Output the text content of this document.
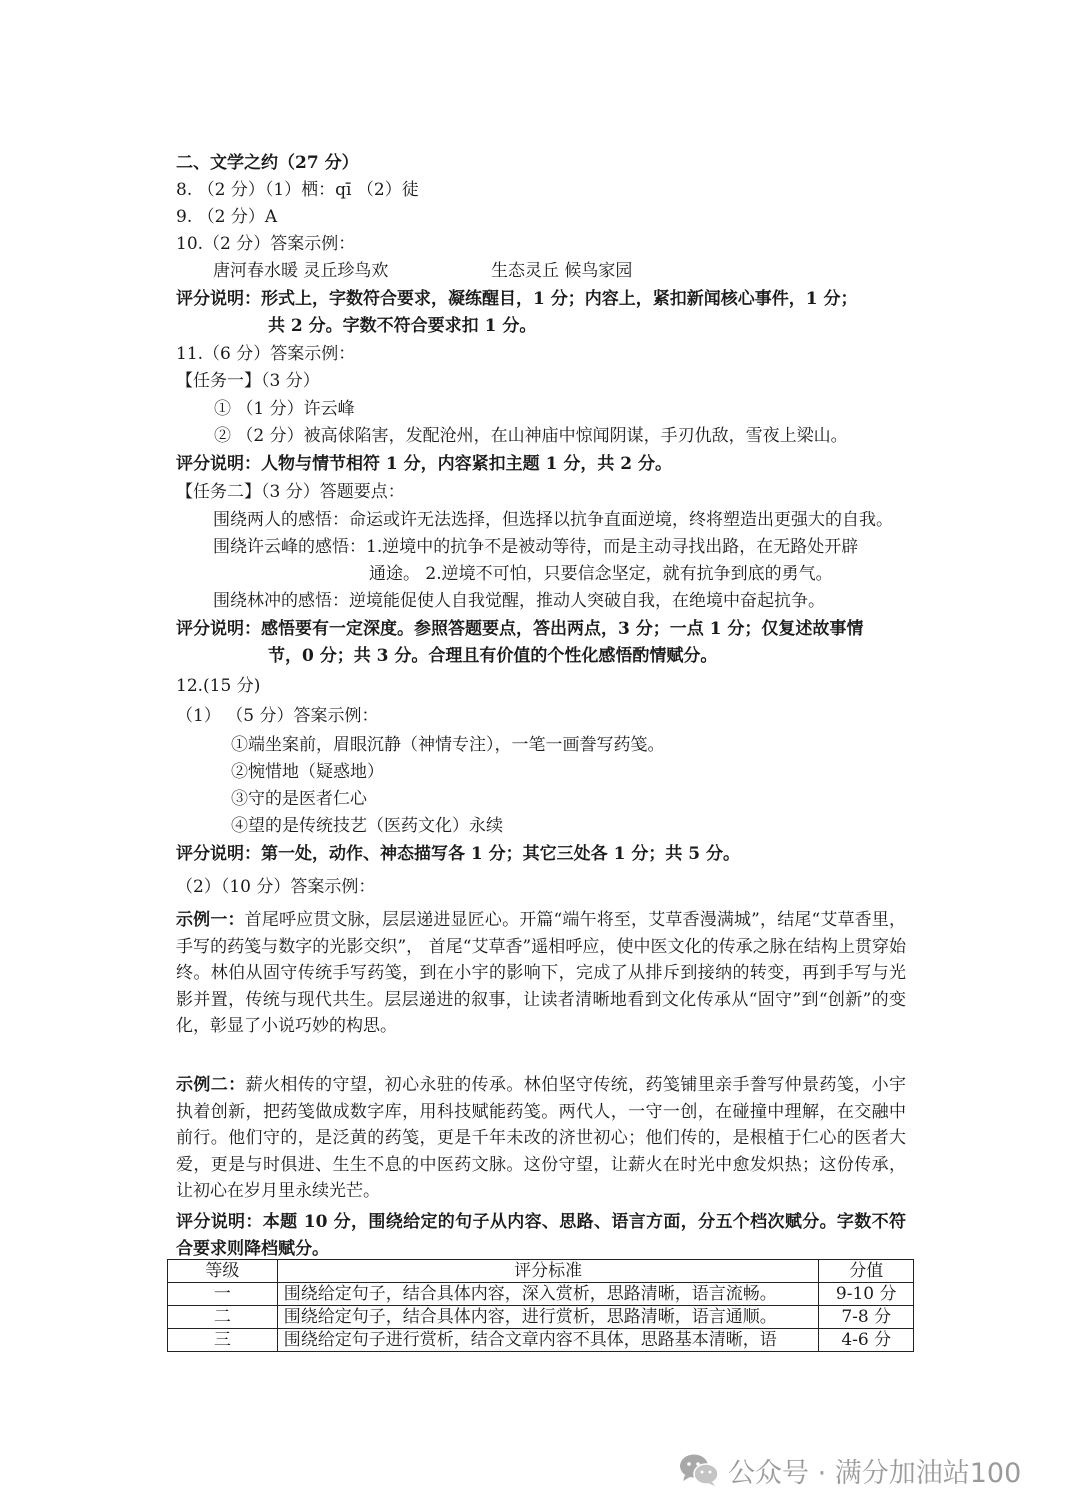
二、文学之约（27 分）
8. （2 分）（1）栖：qī （2）徒
9. （2 分）A
10.（2 分）答案示例：
唐河春水暖 灵丘珍鸟欢	生态灵丘 候鸟家园
评分说明：形式上，字数符合要求，凝练醒目，1 分；内容上，紧扣新闻核心事件，1 分；
共 2 分。字数不符合要求扣 1 分。
11.（6 分）答案示例：
【任务一】（3 分）
① （1 分）许云峰
② （2 分）被高俅陷害，发配沧州，在山神庙中惊闻阴谋，手刃仇敌，雪夜上梁山。
评分说明：人物与情节相符 1 分，内容紧扣主题 1 分，共 2 分。
【任务二】（3 分）答题要点：
围绕两人的感悟：命运或许无法选择，但选择以抗争直面逆境，终将塑造出更强大的自我。
围绕许云峰的感悟：1.逆境中的抗争不是被动等待，而是主动寻找出路，在无路处开辟
通途。 2.逆境不可怕，只要信念坚定，就有抗争到底的勇气。
围绕林冲的感悟：逆境能促使人自我觉醒，推动人突破自我，在绝境中奋起抗争。
评分说明：感悟要有一定深度。参照答题要点，答出两点，3 分；一点 1 分；仅复述故事情
节，0 分；共 3 分。合理且有价值的个性化感悟酌情赋分。
12.(15 分)
（1） （5 分）答案示例：
①端坐案前，眉眼沉静（神情专注），一笔一画誊写药笺。
②惋惜地（疑惑地）
③守的是医者仁心
④望的是传统技艺（医药文化）永续
评分说明：第一处，动作、神态描写各 1 分；其它三处各 1 分；共 5 分。
（2）（10 分）答案示例：
示例一：首尾呼应贯文脉，层层递进显匠心。开篇“端午将至，艾草香漫满城”，结尾“艾草香里，手写的药笺与数字的光影交织”， 首尾“艾草香”遥相呼应，使中医文化的传承之脉在结构上贯穿始终。林伯从固守传统手写药笺，到在小宇的影响下，完成了从排斥到接纳的转变，再到手写与光影并置，传统与现代共生。层层递进的叙事，让读者清晰地看到文化传承从“固守”到“创新”的变化，彰显了小说巧妙的构思。
示例二：薪火相传的守望，初心永驻的传承。林伯坚守传统，药笺铺里亲手誊写仲景药笺，小宇执着创新，把药笺做成数字库，用科技赋能药笺。两代人，一守一创，在碰撞中理解，在交融中前行。他们守的，是泛黄的药笺，更是千年未改的济世初心；他们传的，是根植于仁心的医者大爱，更是与时俱进、生生不息的中医药文脉。这份守望，让薪火在时光中愈发炽热；这份传承，让初心在岁月里永续光芒。
评分说明：本题 10 分，围绕给定的句子从内容、思路、语言方面，分五个档次赋分。字数不符合要求则降档赋分。
等级	评分标准	分值
一	围绕给定句子，结合具体内容，深入赏析，思路清晰，语言流畅。	9-10 分
二	围绕给定句子，结合具体内容，进行赏析，思路清晰，语言通顺。	7-8 分
三	围绕给定句子进行赏析，结合文章内容不具体，思路基本清晰，语	4-6 分
公众号 · 满分加油站100
